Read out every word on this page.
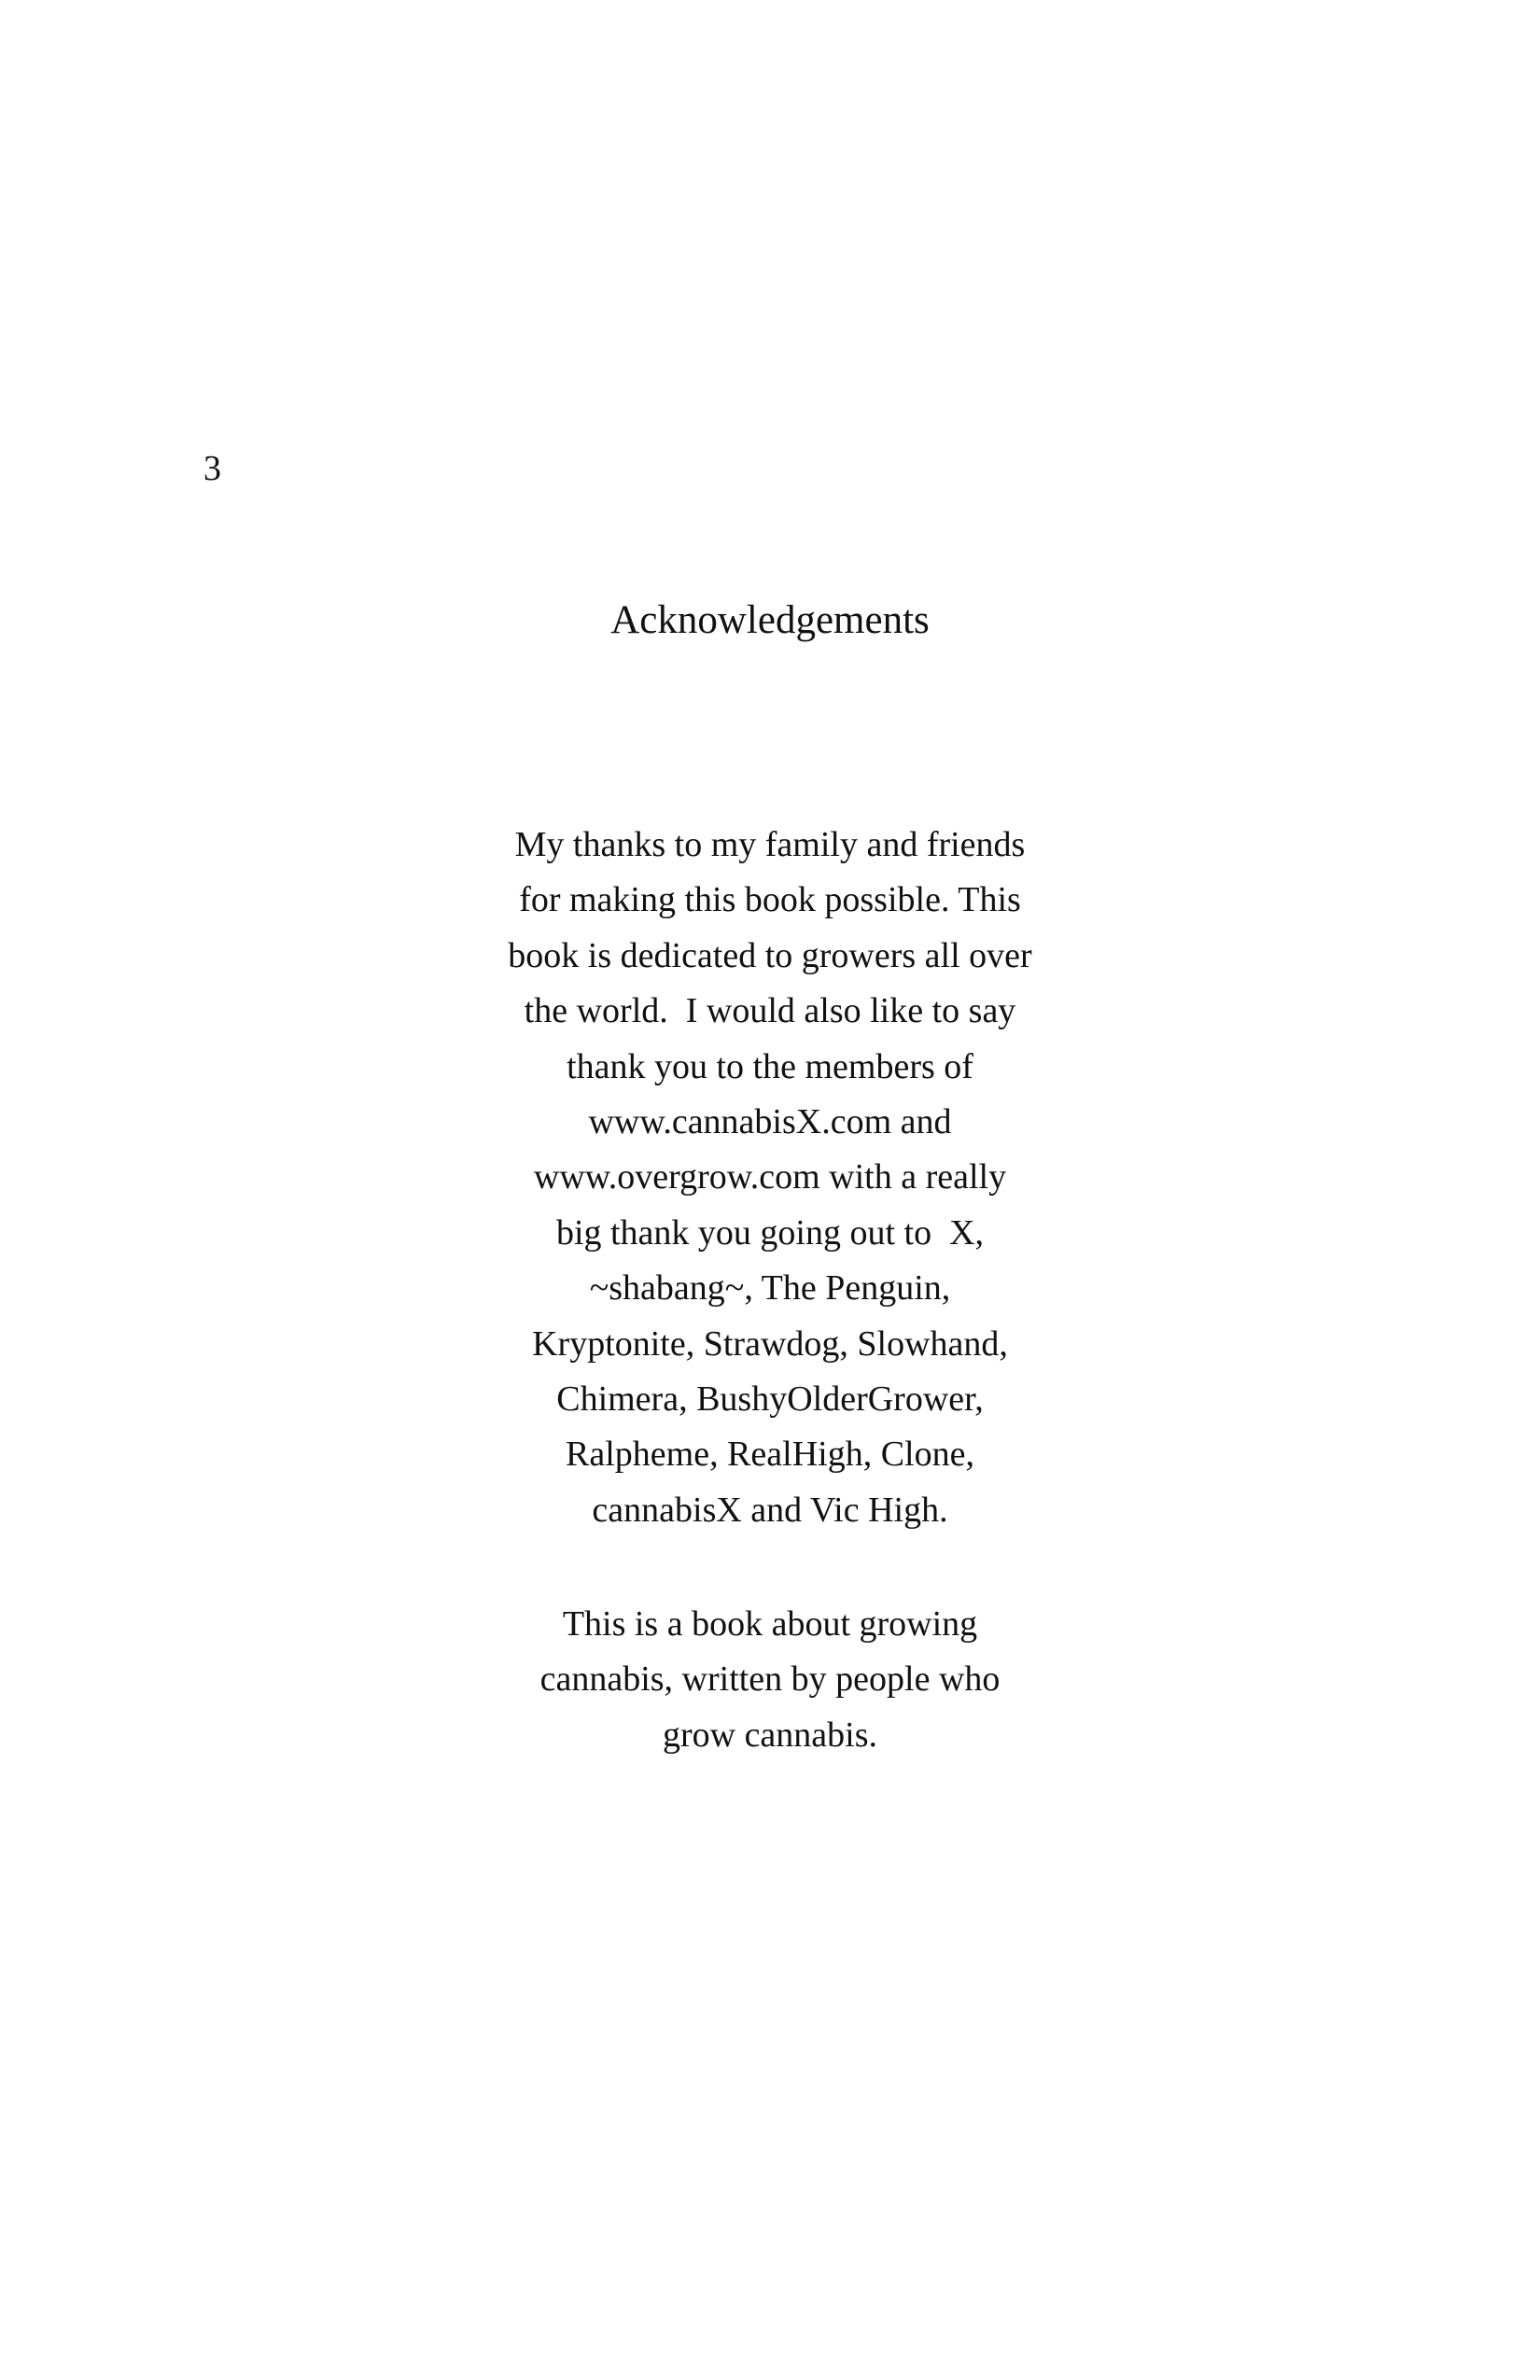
3
Acknowledgements
My thanks to my family and friends
for making this book possible. This
book is dedicated to growers all over
the world.  I would also like to say
thank you to the members of
www.cannabisX.com and
www.overgrow.com with a really
big thank you going out to  X,
~shabang~, The Penguin,
Kryptonite, Strawdog, Slowhand,
Chimera, BushyOlderGrower,
Ralpheme, RealHigh, Clone,
cannabisX and Vic High.
This is a book about growing
cannabis, written by people who
grow cannabis.
